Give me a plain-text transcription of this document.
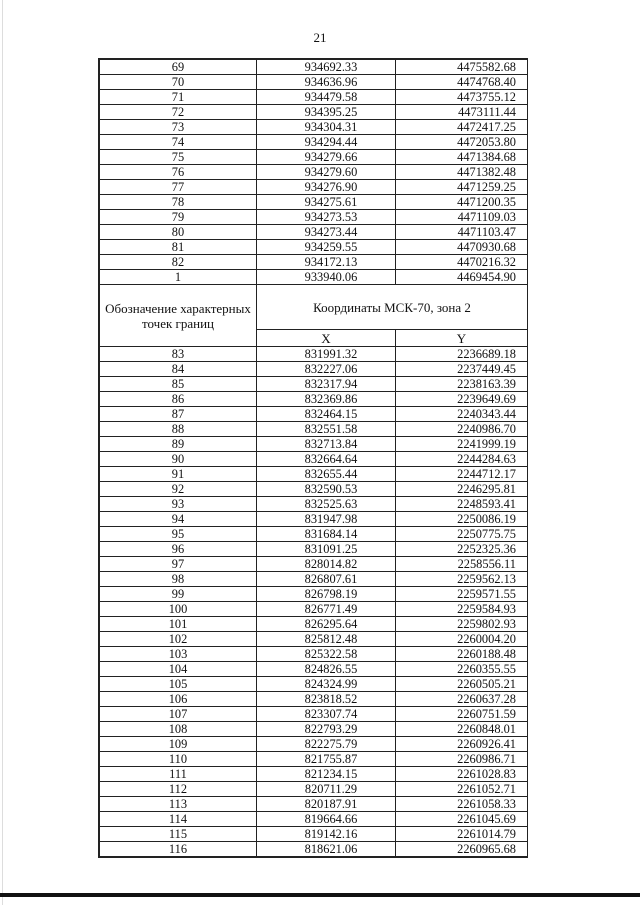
21
69	934692.33	4475582.68
70	934636.96	4474768.40
71	934479.58	4473755.12
72	934395.25	4473111.44
73	934304.31	4472417.25
74	934294.44	4472053.80
75	934279.66	4471384.68
76	934279.60	4471382.48
77	934276.90	4471259.25
78	934275.61	4471200.35
79	934273.53	4471109.03
80	934273.44	4471103.47
81	934259.55	4470930.68
82	934172.13	4470216.32
1	933940.06	4469454.90
Обозначение характерных точек границ	Координаты МСК-70, зона 2	
	X	Y
83	831991.32	2236689.18
84	832227.06	2237449.45
85	832317.94	2238163.39
86	832369.86	2239649.69
87	832464.15	2240343.44
88	832551.58	2240986.70
89	832713.84	2241999.19
90	832664.64	2244284.63
91	832655.44	2244712.17
92	832590.53	2246295.81
93	832525.63	2248593.41
94	831947.98	2250086.19
95	831684.14	2250775.75
96	831091.25	2252325.36
97	828014.82	2258556.11
98	826807.61	2259562.13
99	826798.19	2259571.55
100	826771.49	2259584.93
101	826295.64	2259802.93
102	825812.48	2260004.20
103	825322.58	2260188.48
104	824826.55	2260355.55
105	824324.99	2260505.21
106	823818.52	2260637.28
107	823307.74	2260751.59
108	822793.29	2260848.01
109	822275.79	2260926.41
110	821755.87	2260986.71
111	821234.15	2261028.83
112	820711.29	2261052.71
113	820187.91	2261058.33
114	819664.66	2261045.69
115	819142.16	2261014.79
116	818621.06	2260965.68
